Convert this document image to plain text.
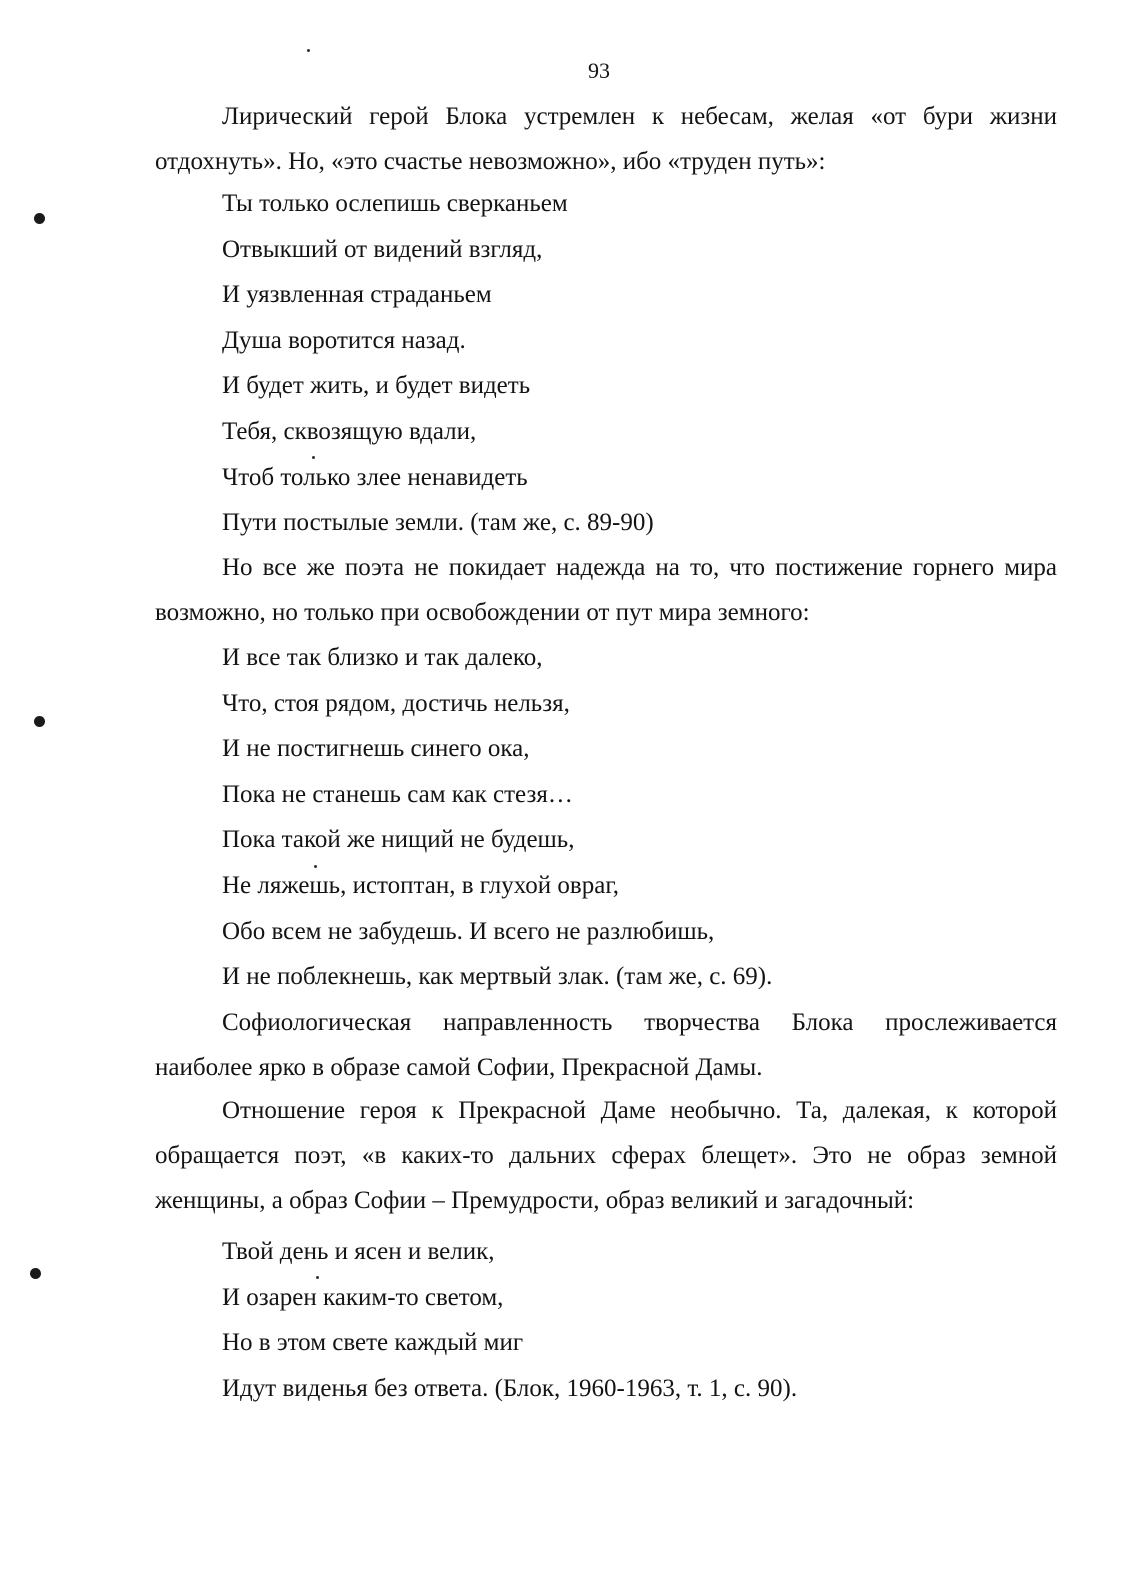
93

Лирический герой Блока устремлен к небесам, желая «от бури жизни отдохнуть». Но, «это счастье невозможно», ибо «труден путь»:

Ты только ослепишь сверканьем
Отвыкший от видений взгляд,
И уязвленная страданьем
Душа воротится назад.
И будет жить, и будет видеть
Тебя, сквозящую вдали,
Чтоб только злее ненавидеть
Пути постылые земли. (там же, с. 89-90)

Но все же поэта не покидает надежда на то, что постижение горнего мира возможно, но только при освобождении от пут мира земного:

И все так близко и так далеко,
Что, стоя рядом, достичь нельзя,
И не постигнешь синего ока,
Пока не станешь сам как стезя…
Пока такой же нищий не будешь,
Не ляжешь, истоптан, в глухой овраг,
Обо всем не забудешь. И всего не разлюбишь,
И не поблекнешь, как мертвый злак. (там же, с. 69).

Софиологическая направленность творчества Блока прослеживается наиболее ярко в образе самой Софии, Прекрасной Дамы.

Отношение героя к Прекрасной Даме необычно. Та, далекая, к которой обращается поэт, «в каких-то дальних сферах блещет». Это не образ земной женщины, а образ Софии – Премудрости, образ великий и загадочный:

Твой день и ясен и велик,
И озарен каким-то светом,
Но в этом свете каждый миг
Идут виденья без ответа. (Блок, 1960-1963, т. 1, с. 90).
